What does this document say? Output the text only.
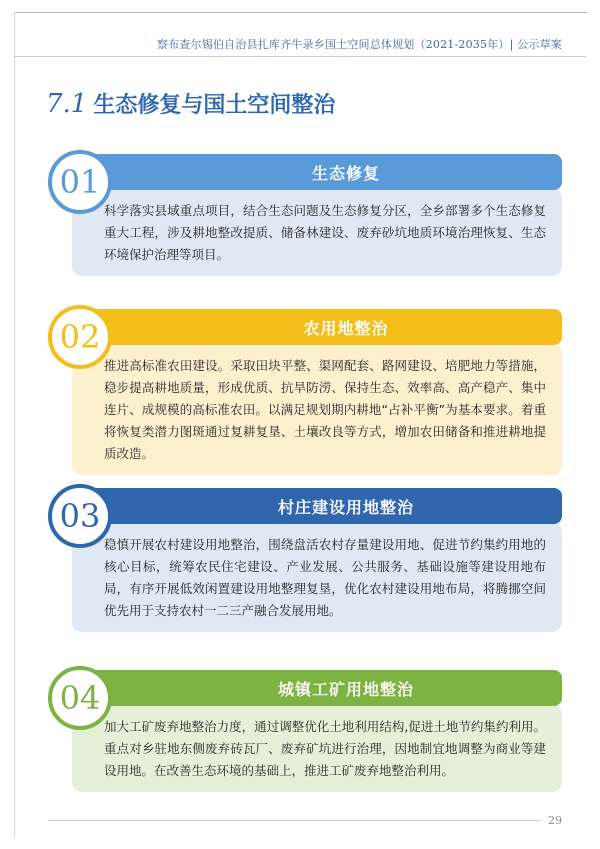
察布查尔锡伯自治县扎库齐牛录乡国土空间总体规划（2021-2035年）| 公示草案
7.1 生态修复与国土空间整治
科学落实县域重点项目，结合生态问题及生态修复分区，全乡部署多个生态修复重大工程，涉及耕地整改提质、储备林建设、废弃砂坑地质环境治理恢复、生态环境保护治理等项目。
生态修复
01
推进高标准农田建设。采取田块平整、渠网配套、路网建设、培肥地力等措施，稳步提高耕地质量，形成优质、抗旱防涝、保持生态、效率高、高产稳产、集中连片、成规模的高标准农田。以满足规划期内耕地“占补平衡”为基本要求。着重将恢复类潜力图斑通过复耕复垦、土壤改良等方式，增加农田储备和推进耕地提质改造。
农用地整治
02
稳慎开展农村建设用地整治，围绕盘活农村存量建设用地、促进节约集约用地的核心目标，统筹农民住宅建设、产业发展、公共服务、基础设施等建设用地布局，有序开展低效闲置建设用地整理复垦，优化农村建设用地布局，将腾挪空间优先用于支持农村一二三产融合发展用地。
村庄建设用地整治
03
加大工矿废弃地整治力度，通过调整优化土地利用结构,促进土地节约集约利用。重点对乡驻地东侧废弃砖瓦厂、废弃矿坑进行治理，因地制宜地调整为商业等建设用地。在改善生态环境的基础上，推进工矿废弃地整治利用。
城镇工矿用地整治
04
29
